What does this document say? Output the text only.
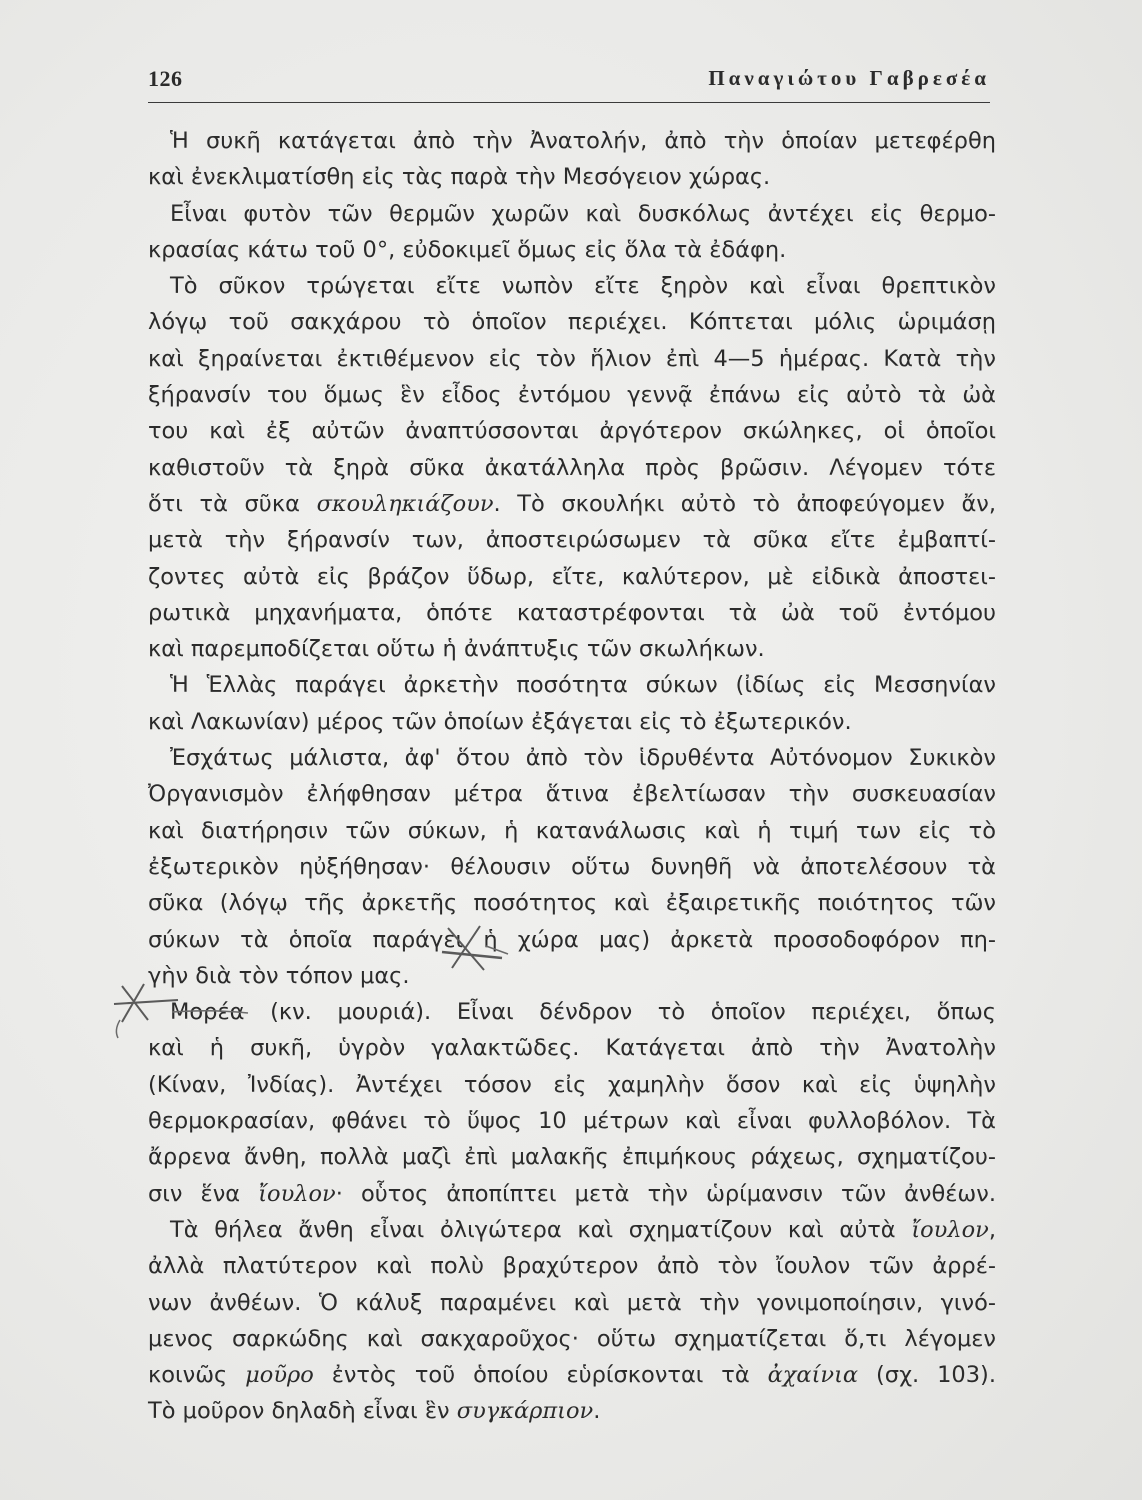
126	Παναγιώτου Γαβρεσέα
Ἡ συκῆ κατάγεται ἀπὸ τὴν Ἀνατολήν, ἀπὸ τὴν ὁποίαν μετεφέρθη
καὶ ἐνεκλιματίσθη εἰς τὰς παρὰ τὴν Μεσόγειον χώρας.
Εἶναι φυτὸν τῶν θερμῶν χωρῶν καὶ δυσκόλως ἀντέχει εἰς θερμο-
κρασίας κάτω τοῦ 0°, εὐδοκιμεῖ ὅμως εἰς ὅλα τὰ ἐδάφη.
Τὸ σῦκον τρώγεται εἴτε νωπὸν εἴτε ξηρὸν καὶ εἶναι θρεπτικὸν
λόγῳ τοῦ σακχάρου τὸ ὁποῖον περιέχει. Κόπτεται μόλις ὡριμάσῃ
καὶ ξηραίνεται ἐκτιθέμενον εἰς τὸν ἥλιον ἐπὶ 4—5 ἡμέρας. Κατὰ τὴν
ξήρανσίν του ὅμως ἓν εἶδος ἐντόμου γεννᾷ ἐπάνω εἰς αὐτὸ τὰ ὠὰ
του καὶ ἐξ αὐτῶν ἀναπτύσσονται ἀργότερον σκώληκες, οἱ ὁποῖοι
καθιστοῦν τὰ ξηρὰ σῦκα ἀκατάλληλα πρὸς βρῶσιν. Λέγομεν τότε
ὅτι τὰ σῦκα σκουληκιάζουν. Τὸ σκουλήκι αὐτὸ τὸ ἀποφεύγομεν ἄν,
μετὰ τὴν ξήρανσίν των, ἀποστειρώσωμεν τὰ σῦκα εἴτε ἐμβαπτί-
ζοντες αὐτὰ εἰς βράζον ὕδωρ, εἴτε, καλύτερον, μὲ εἰδικὰ ἀποστει-
ρωτικὰ μηχανήματα, ὁπότε καταστρέφονται τὰ ὠὰ τοῦ ἐντόμου
καὶ παρεμποδίζεται οὕτω ἡ ἀνάπτυξις τῶν σκωλήκων.
Ἡ Ἑλλὰς παράγει ἀρκετὴν ποσότητα σύκων (ἰδίως εἰς Μεσσηνίαν
καὶ Λακωνίαν) μέρος τῶν ὁποίων ἐξάγεται εἰς τὸ ἐξωτερικόν.
Ἐσχάτως μάλιστα, ἀφ' ὅτου ἀπὸ τὸν ἱδρυθέντα Αὐτόνομον Συκικὸν
Ὀργανισμὸν ἐλήφθησαν μέτρα ἅτινα ἐβελτίωσαν τὴν συσκευασίαν
καὶ διατήρησιν τῶν σύκων, ἡ κατανάλωσις καὶ ἡ τιμή των εἰς τὸ
ἐξωτερικὸν ηὐξήθησαν· θέλουσιν οὕτω δυνηθῆ νὰ ἀποτελέσουν τὰ
σῦκα (λόγῳ τῆς ἀρκετῆς ποσότητος καὶ ἐξαιρετικῆς ποιότητος τῶν
σύκων τὰ ὁποῖα παράγει ἡ χώρα μας) ἀρκετὰ προσοδοφόρον πη-
γὴν διὰ τὸν τόπον μας.
Μορέα (κν. μουριά). Εἶναι δένδρον τὸ ὁποῖον περιέχει, ὅπως
καὶ ἡ συκῆ, ὑγρὸν γαλακτῶδες. Κατάγεται ἀπὸ τὴν Ἀνατολὴν
(Κίναν, Ἰνδίας). Ἀντέχει τόσον εἰς χαμηλὴν ὅσον καὶ εἰς ὑψηλὴν
θερμοκρασίαν, φθάνει τὸ ὕψος 10 μέτρων καὶ εἶναι φυλλοβόλον. Τὰ
ἄρρενα ἄνθη, πολλὰ μαζὶ ἐπὶ μαλακῆς ἐπιμήκους ράχεως, σχηματίζου-
σιν ἕνα ἴουλον· οὗτος ἀποπίπτει μετὰ τὴν ὡρίμανσιν τῶν ἀνθέων.
Τὰ θήλεα ἄνθη εἶναι ὀλιγώτερα καὶ σχηματίζουν καὶ αὐτὰ ἴουλον,
ἀλλὰ πλατύτερον καὶ πολὺ βραχύτερον ἀπὸ τὸν ἴουλον τῶν ἀρρέ-
νων ἀνθέων. Ὁ κάλυξ παραμένει καὶ μετὰ τὴν γονιμοποίησιν, γινό-
μενος σαρκώδης καὶ σακχαροῦχος· οὕτω σχηματίζεται ὅ,τι λέγομεν
κοινῶς μοῦρο ἐντὸς τοῦ ὁποίου εὑρίσκονται τὰ ἀχαίνια (σχ. 103).
Τὸ μοῦρον δηλαδὴ εἶναι ἓν συγκάρπιον.
